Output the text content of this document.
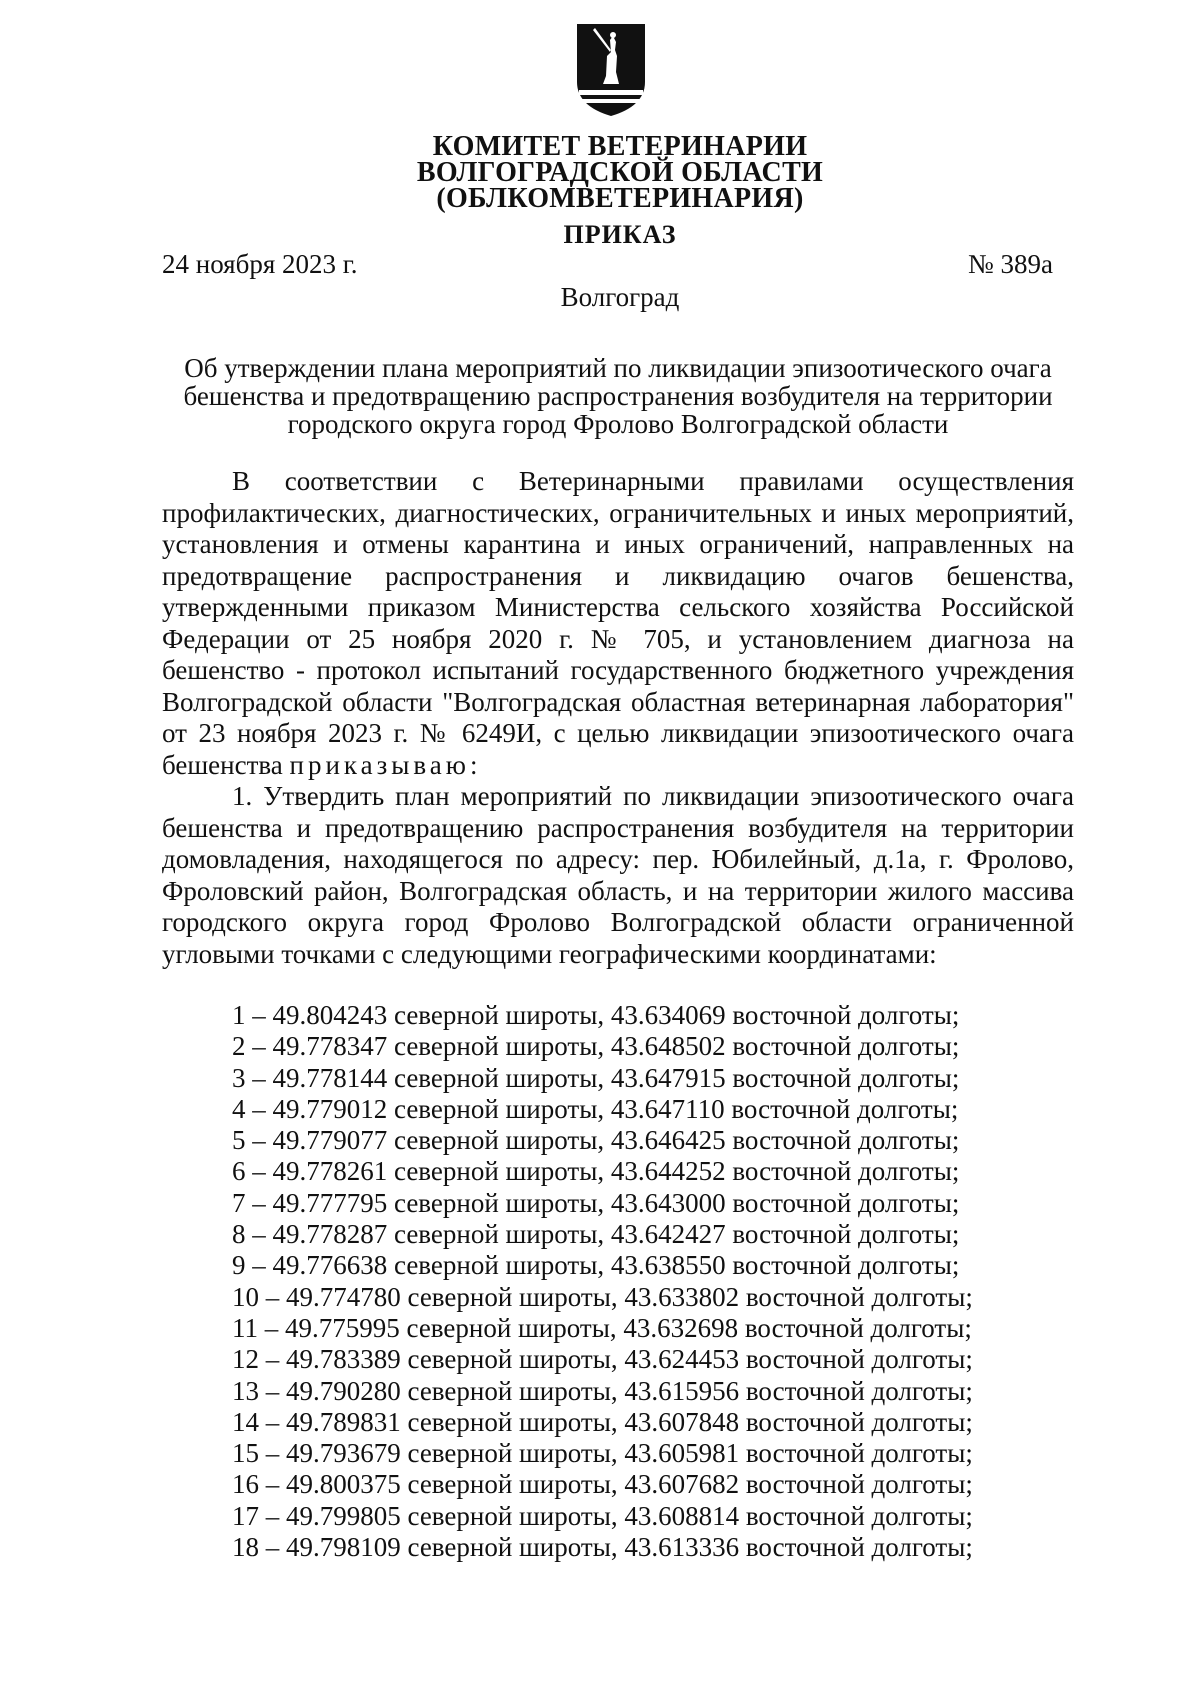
КОМИТЕТ ВЕТЕРИНАРИИ
ВОЛГОГРАДСКОЙ ОБЛАСТИ
(ОБЛКОМВЕТЕРИНАРИЯ)
ПРИКАЗ
24 ноября 2023 г.	№ 389а
Волгоград
Об утверждении плана мероприятий по ликвидации эпизоотического очага
бешенства и предотвращению распространения возбудителя на территории
городского округа город Фролово Волгоградской области
В соответствии с Ветеринарными правилами осуществления профилактических, диагностических, ограничительных и иных мероприятий, установления и отмены карантина и иных ограничений, направленных на предотвращение распространения и ликвидацию очагов бешенства, утвержденными приказом Министерства сельского хозяйства Российской Федерации от 25 ноября 2020 г. № 705, и установлением диагноза на бешенство - протокол испытаний государственного бюджетного учреждения Волгоградской области "Волгоградская областная ветеринарная лаборатория" от 23 ноября 2023 г. № 6249И, с целью ликвидации эпизоотического очага бешенства приказываю:
1. Утвердить план мероприятий по ликвидации эпизоотического очага бешенства и предотвращению распространения возбудителя на территории домовладения, находящегося по адресу: пер. Юбилейный, д.1а, г. Фролово, Фроловский район, Волгоградская область, и на территории жилого массива городского округа город Фролово Волгоградской области ограниченной угловыми точками с следующими географическими координатами:
1 – 49.804243 северной широты, 43.634069 восточной долготы;
2 – 49.778347 северной широты, 43.648502 восточной долготы;
3 – 49.778144 северной широты, 43.647915 восточной долготы;
4 – 49.779012 северной широты, 43.647110 восточной долготы;
5 – 49.779077 северной широты, 43.646425 восточной долготы;
6 – 49.778261 северной широты, 43.644252 восточной долготы;
7 – 49.777795 северной широты, 43.643000 восточной долготы;
8 – 49.778287 северной широты, 43.642427 восточной долготы;
9 – 49.776638 северной широты, 43.638550 восточной долготы;
10 – 49.774780 северной широты, 43.633802 восточной долготы;
11 – 49.775995 северной широты, 43.632698 восточной долготы;
12 – 49.783389 северной широты, 43.624453 восточной долготы;
13 – 49.790280 северной широты, 43.615956 восточной долготы;
14 – 49.789831 северной широты, 43.607848 восточной долготы;
15 – 49.793679 северной широты, 43.605981 восточной долготы;
16 – 49.800375 северной широты, 43.607682 восточной долготы;
17 – 49.799805 северной широты, 43.608814 восточной долготы;
18 – 49.798109 северной широты, 43.613336 восточной долготы;
